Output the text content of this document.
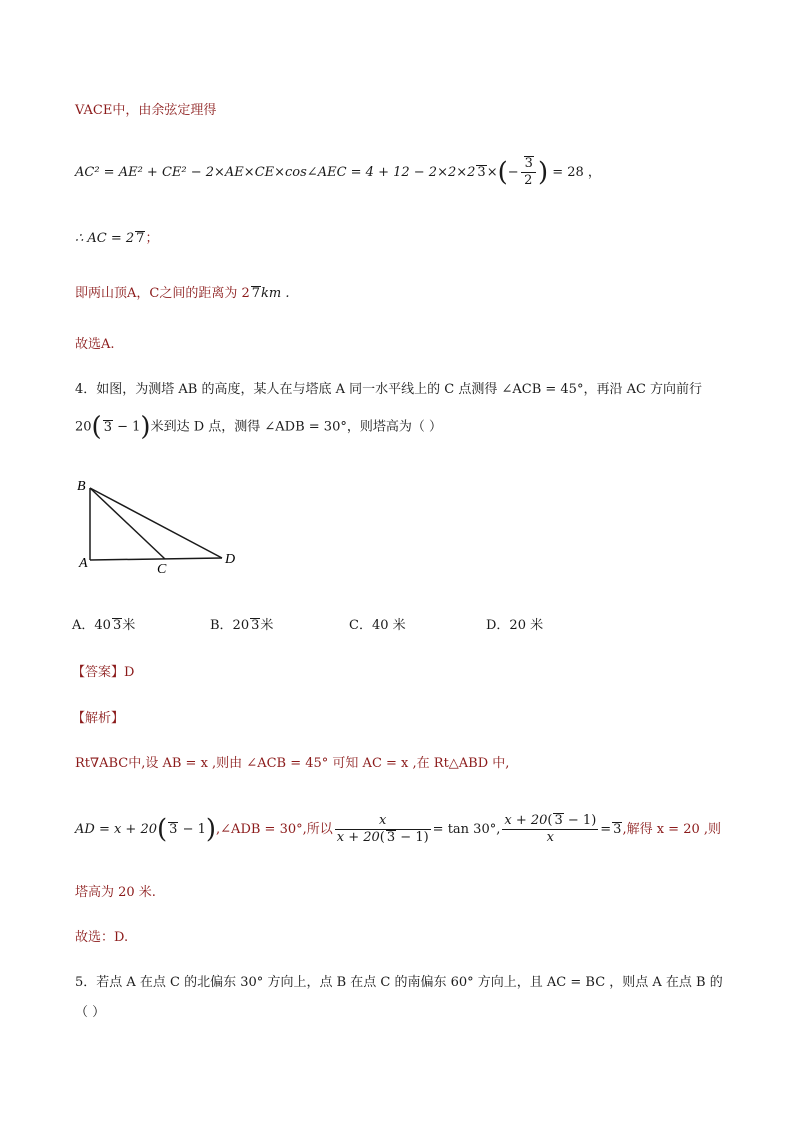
VACE中，由余弦定理得
AC² = AE² + CE² − 2×AE×CE×cos∠AEC = 4 + 12 − 2×2×2 $3\times(- \frac{3}{2}$ ) = 28 ，
∴ AC = 2 7；
即两山顶A，C之间的距离为 2 7km .
故选A.
4．如图，为测塔 AB 的高度，某人在与塔底 A 同一水平线上的 C 点测得 ∠ACB = 45°，再沿 AC 方向前行
20( 3 − 1)米到达 D 点，测得 ∠ADB = 30°，则塔高为（ ）
B
A	C
D
A．40 3米	B．20 3米	C．40 米	D．20 米
【答案】D
【解析】
Rt∇ABC中,设 AB = x ,则由 ∠ACB = 45° 可知 AC = x ,在 Rt△ABD 中,
AD = x + 20( 3 − 1),∠ADB = 30°,所以 $\frac{x}{x + 20( 3 - 1)} = \tan 30^\circ$, $\frac{x + 20( 3 - 1)}{x} = 3$,解得 x = 20 ,则
塔高为 20 米.
故选：D.
5．若点 A 在点 C 的北偏东 30° 方向上，点 B 在点 C 的南偏东 60° 方向上，且 AC = BC ，则点 A 在点 B 的
（ ）
